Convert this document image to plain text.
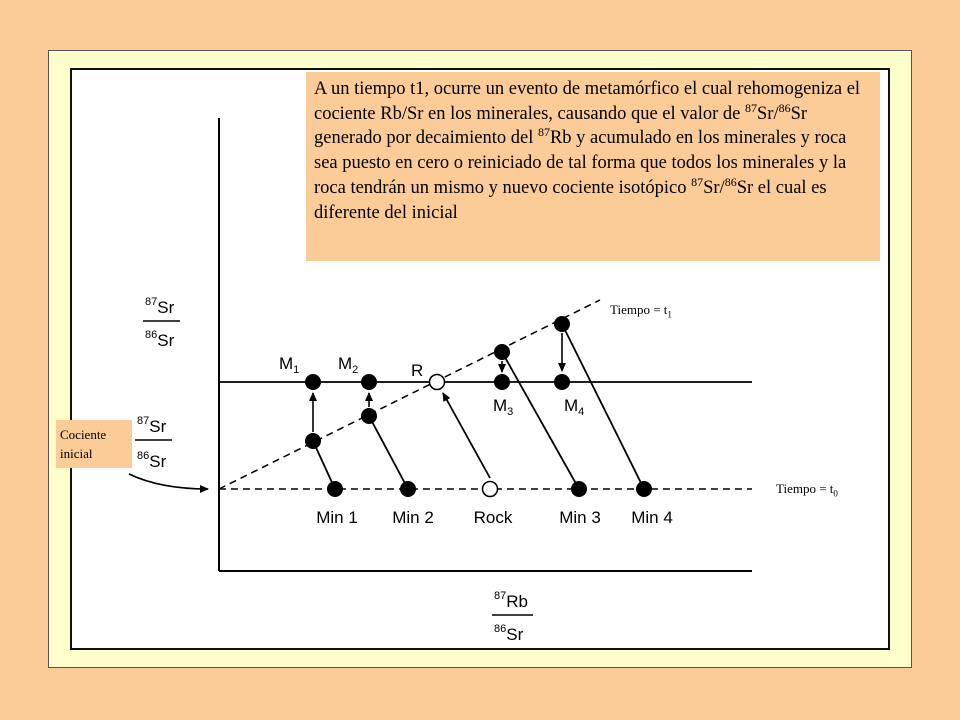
$^{87}$Sr
$^{86}$Sr
$^{87}$Sr
$^{86}$Sr
$^{87}$Rb
$^{86}$Sr
$M_1$ $M_2$	R
$M_3$	$M_4$
Min 1 Min 2 Rock	Min 3 Min 4
A un tiempo t1, ocurre un evento de metamórfico el cual rehomogeniza el cociente Rb/Sr en los minerales, causando que el valor de $^{87}$Sr/$^{86}$Sr generado por decaimiento del $^{87}$Rb y acumulado en los minerales y roca sea puesto en cero o reiniciado de tal forma que todos los minerales y la roca tendrán un mismo y nuevo cociente isotópico $^{87}$Sr/$^{86}$Sr el cual es diferente del inicial
Cociente
inicial
Tiempo = $t_1$
Tiempo = $t_0$
